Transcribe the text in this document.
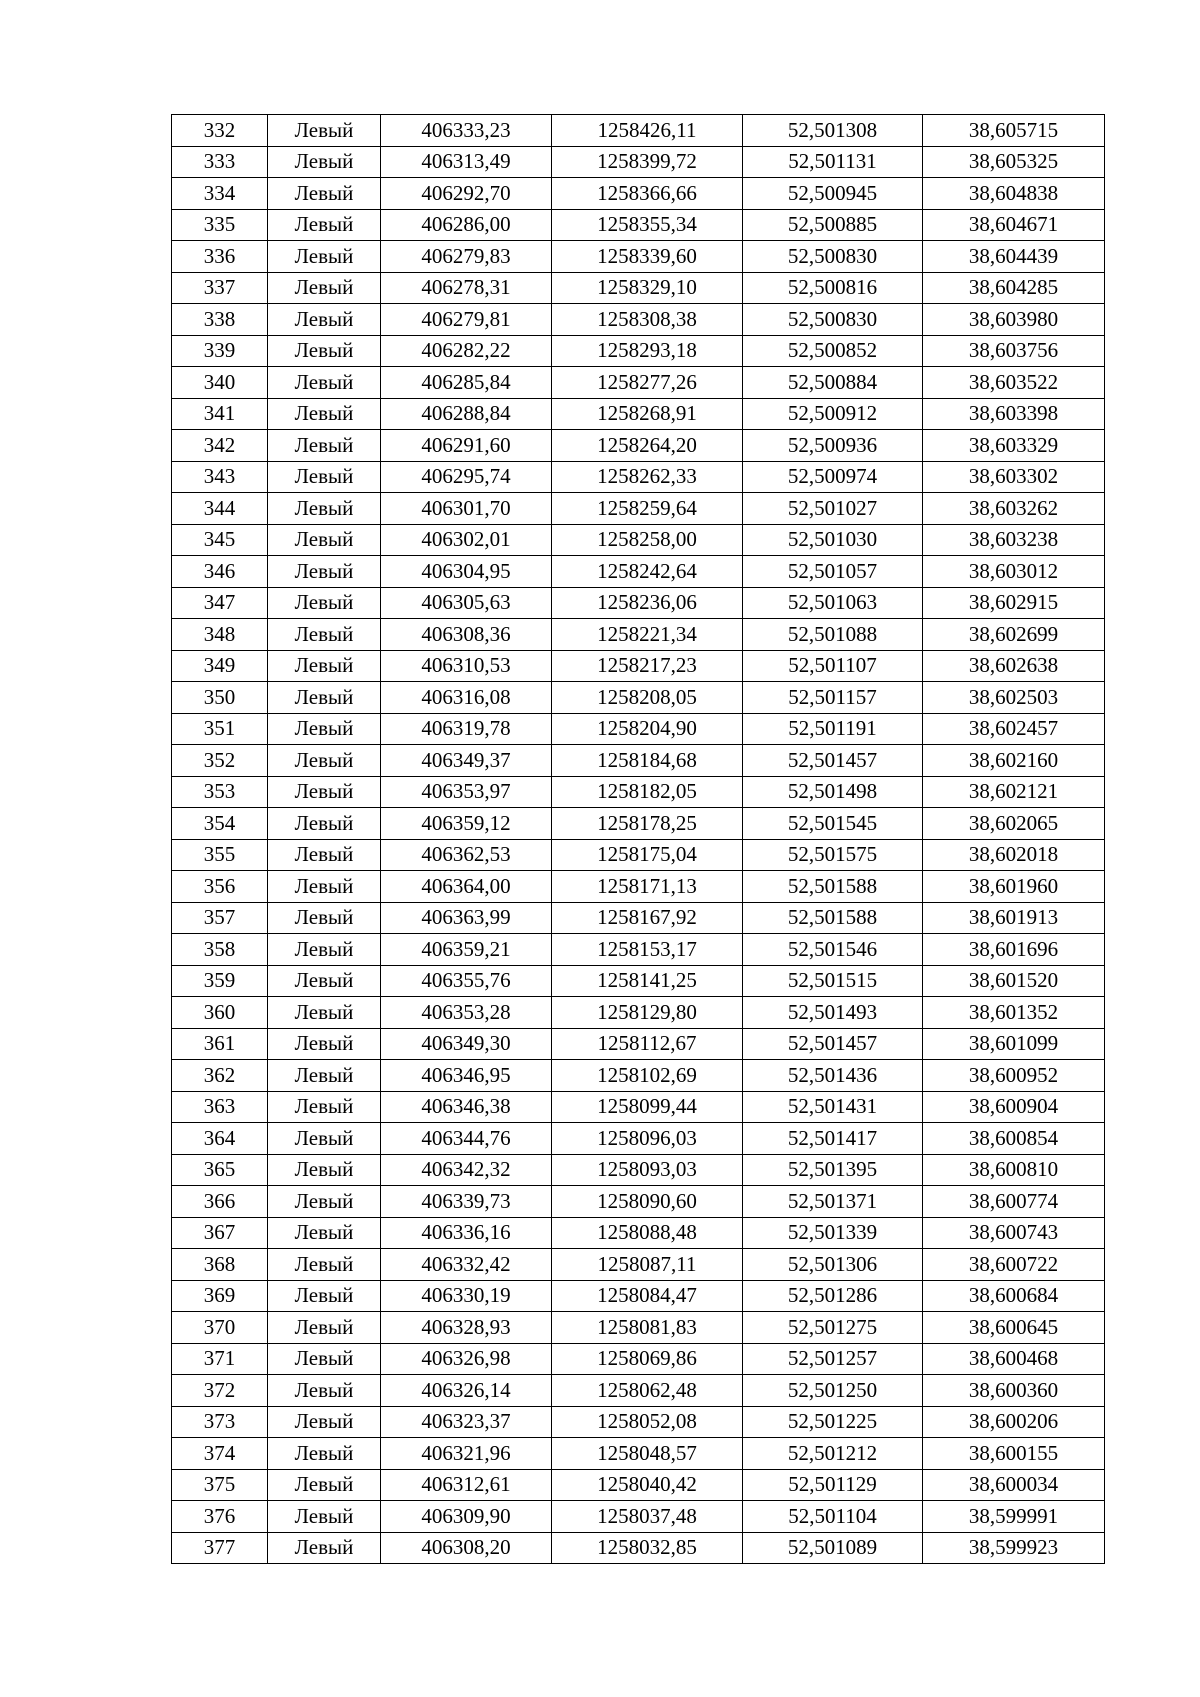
332	Левый	406333,23	1258426,11	52,501308	38,605715
333	Левый	406313,49	1258399,72	52,501131	38,605325
334	Левый	406292,70	1258366,66	52,500945	38,604838
335	Левый	406286,00	1258355,34	52,500885	38,604671
336	Левый	406279,83	1258339,60	52,500830	38,604439
337	Левый	406278,31	1258329,10	52,500816	38,604285
338	Левый	406279,81	1258308,38	52,500830	38,603980
339	Левый	406282,22	1258293,18	52,500852	38,603756
340	Левый	406285,84	1258277,26	52,500884	38,603522
341	Левый	406288,84	1258268,91	52,500912	38,603398
342	Левый	406291,60	1258264,20	52,500936	38,603329
343	Левый	406295,74	1258262,33	52,500974	38,603302
344	Левый	406301,70	1258259,64	52,501027	38,603262
345	Левый	406302,01	1258258,00	52,501030	38,603238
346	Левый	406304,95	1258242,64	52,501057	38,603012
347	Левый	406305,63	1258236,06	52,501063	38,602915
348	Левый	406308,36	1258221,34	52,501088	38,602699
349	Левый	406310,53	1258217,23	52,501107	38,602638
350	Левый	406316,08	1258208,05	52,501157	38,602503
351	Левый	406319,78	1258204,90	52,501191	38,602457
352	Левый	406349,37	1258184,68	52,501457	38,602160
353	Левый	406353,97	1258182,05	52,501498	38,602121
354	Левый	406359,12	1258178,25	52,501545	38,602065
355	Левый	406362,53	1258175,04	52,501575	38,602018
356	Левый	406364,00	1258171,13	52,501588	38,601960
357	Левый	406363,99	1258167,92	52,501588	38,601913
358	Левый	406359,21	1258153,17	52,501546	38,601696
359	Левый	406355,76	1258141,25	52,501515	38,601520
360	Левый	406353,28	1258129,80	52,501493	38,601352
361	Левый	406349,30	1258112,67	52,501457	38,601099
362	Левый	406346,95	1258102,69	52,501436	38,600952
363	Левый	406346,38	1258099,44	52,501431	38,600904
364	Левый	406344,76	1258096,03	52,501417	38,600854
365	Левый	406342,32	1258093,03	52,501395	38,600810
366	Левый	406339,73	1258090,60	52,501371	38,600774
367	Левый	406336,16	1258088,48	52,501339	38,600743
368	Левый	406332,42	1258087,11	52,501306	38,600722
369	Левый	406330,19	1258084,47	52,501286	38,600684
370	Левый	406328,93	1258081,83	52,501275	38,600645
371	Левый	406326,98	1258069,86	52,501257	38,600468
372	Левый	406326,14	1258062,48	52,501250	38,600360
373	Левый	406323,37	1258052,08	52,501225	38,600206
374	Левый	406321,96	1258048,57	52,501212	38,600155
375	Левый	406312,61	1258040,42	52,501129	38,600034
376	Левый	406309,90	1258037,48	52,501104	38,599991
377	Левый	406308,20	1258032,85	52,501089	38,599923
